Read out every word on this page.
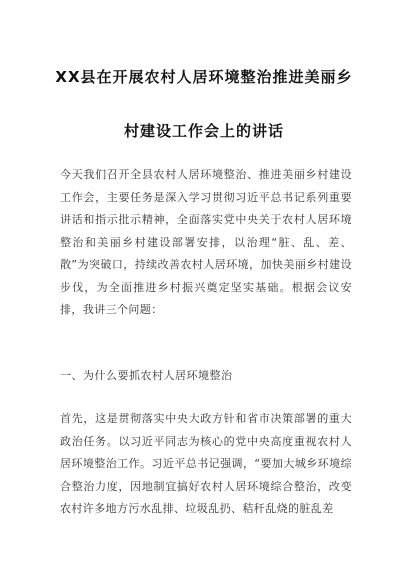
XX县在开展农村人居环境整治推进美丽乡
村建设工作会上的讲话
今天我们召开全县农村人居环境整治、推进美丽乡村建设工作会，主要任务是深入学习贯彻习近平总书记系列重要讲话和指示批示精神，全面落实党中央关于农村人居环境整治和美丽乡村建设部署安排，以治理“脏、乱、差、散”为突破口，持续改善农村人居环境，加快美丽乡村建设步伐，为全面推进乡村振兴奠定坚实基础。根据会议安排，我讲三个问题：
一、为什么要抓农村人居环境整治
首先，这是贯彻落实中央大政方针和省市决策部署的重大政治任务。以习近平同志为核心的党中央高度重视农村人居环境整治工作。习近平总书记强调，“要加大城乡环境综合整治力度，因地制宜搞好农村人居环境综合整治，改变农村许多地方污水乱排、垃圾乱扔、秸秆乱烧的脏乱差
